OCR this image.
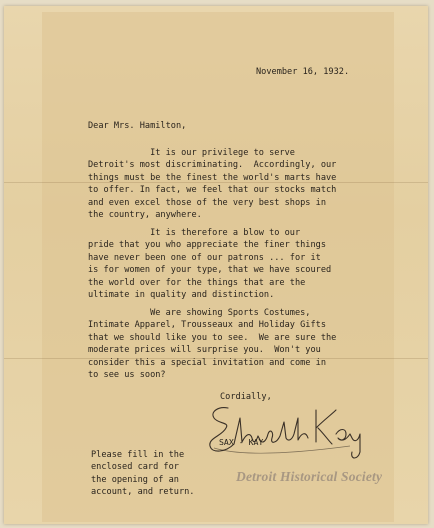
November 16, 1932.
Dear Mrs. Hamilton,
It is our privilege to serve
Detroit's most discriminating.  Accordingly, our
things must be the finest the world's marts have
to offer. In fact, we feel that our stocks match
and even excel those of the very best shops in
the country, anywhere.
It is therefore a blow to our
pride that you who appreciate the finer things
have never been one of our patrons ... for it
is for women of your type, that we have scoured
the world over for the things that are the
ultimate in quality and distinction.
We are showing Sports Costumes,
Intimate Apparel, Trousseaux and Holiday Gifts
that we should like you to see.  We are sure the
moderate prices will surprise you.  Won't you
consider this a special invitation and come in
to see us soon?
Cordially,
SAX - KAY
Please fill in the
enclosed card for
the opening of an
account, and return.
Detroit Historical Society
